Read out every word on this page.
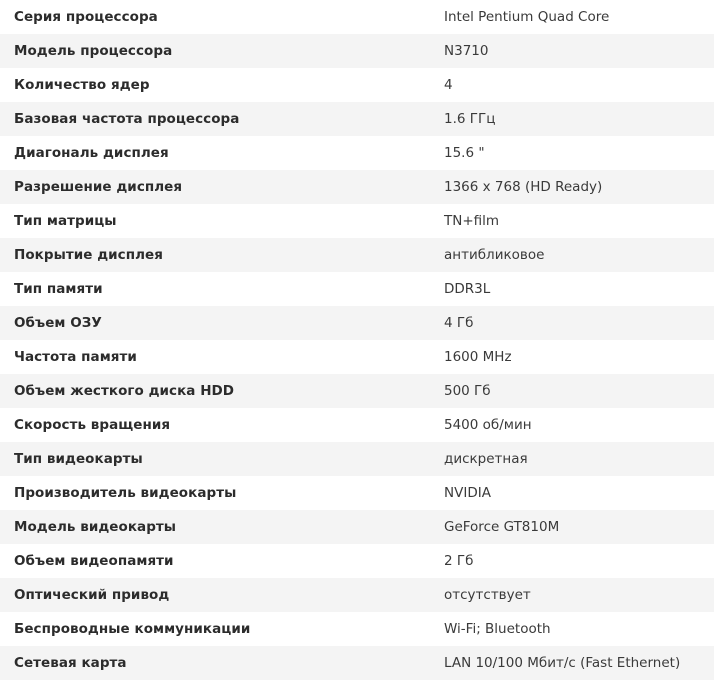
Серия процессора	Intel Pentium Quad Core
Модель процессора	N3710
Количество ядер	4
Базовая частота процессора	1.6 ГГц
Диагональ дисплея	15.6 "
Разрешение дисплея	1366 x 768 (HD Ready)
Тип матрицы	TN+film
Покрытие дисплея	антибликовое
Тип памяти	DDR3L
Объем ОЗУ	4 Гб
Частота памяти	1600 MHz
Объем жесткого диска HDD	500 Гб
Скорость вращения	5400 об/мин
Тип видеокарты	дискретная
Производитель видеокарты	NVIDIA
Модель видеокарты	GeForce GT810M
Объем видеопамяти	2 Гб
Оптический привод	отсутствует
Беспроводные коммуникации	Wi-Fi; Bluetooth
Сетевая карта	LAN 10/100 Мбит/с (Fast Ethernet)
